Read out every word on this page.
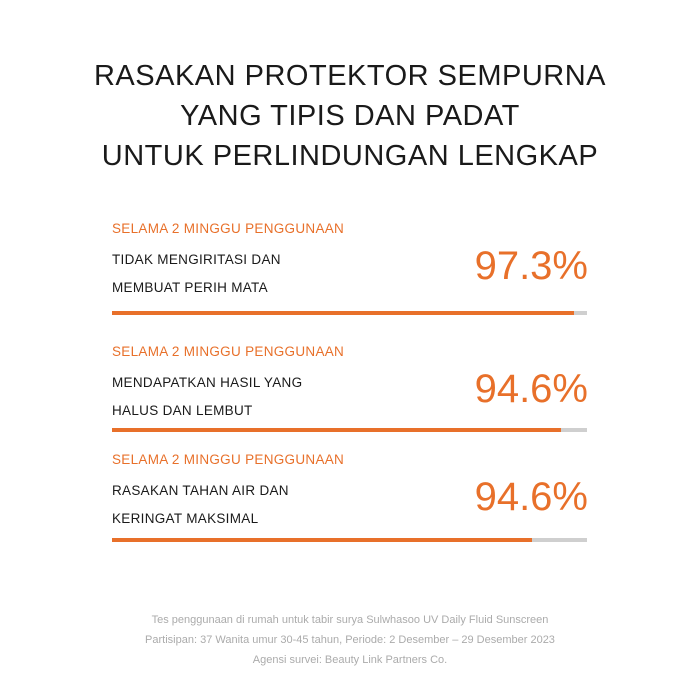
RASAKAN PROTEKTOR SEMPURNA
YANG TIPIS DAN PADAT
UNTUK PERLINDUNGAN LENGKAP
SELAMA 2 MINGGU PENGGUNAAN
TIDAK MENGIRITASI DAN
MEMBUAT PERIH MATA	97.3%
SELAMA 2 MINGGU PENGGUNAAN
MENDAPATKAN HASIL YANG
HALUS DAN LEMBUT	94.6%
SELAMA 2 MINGGU PENGGUNAAN
RASAKAN TAHAN AIR DAN
KERINGAT MAKSIMAL	94.6%
Tes penggunaan di rumah untuk tabir surya Sulwhasoo UV Daily Fluid Sunscreen
Partisipan: 37 Wanita umur 30-45 tahun, Periode: 2 Desember – 29 Desember 2023
Agensi survei: Beauty Link Partners Co.
